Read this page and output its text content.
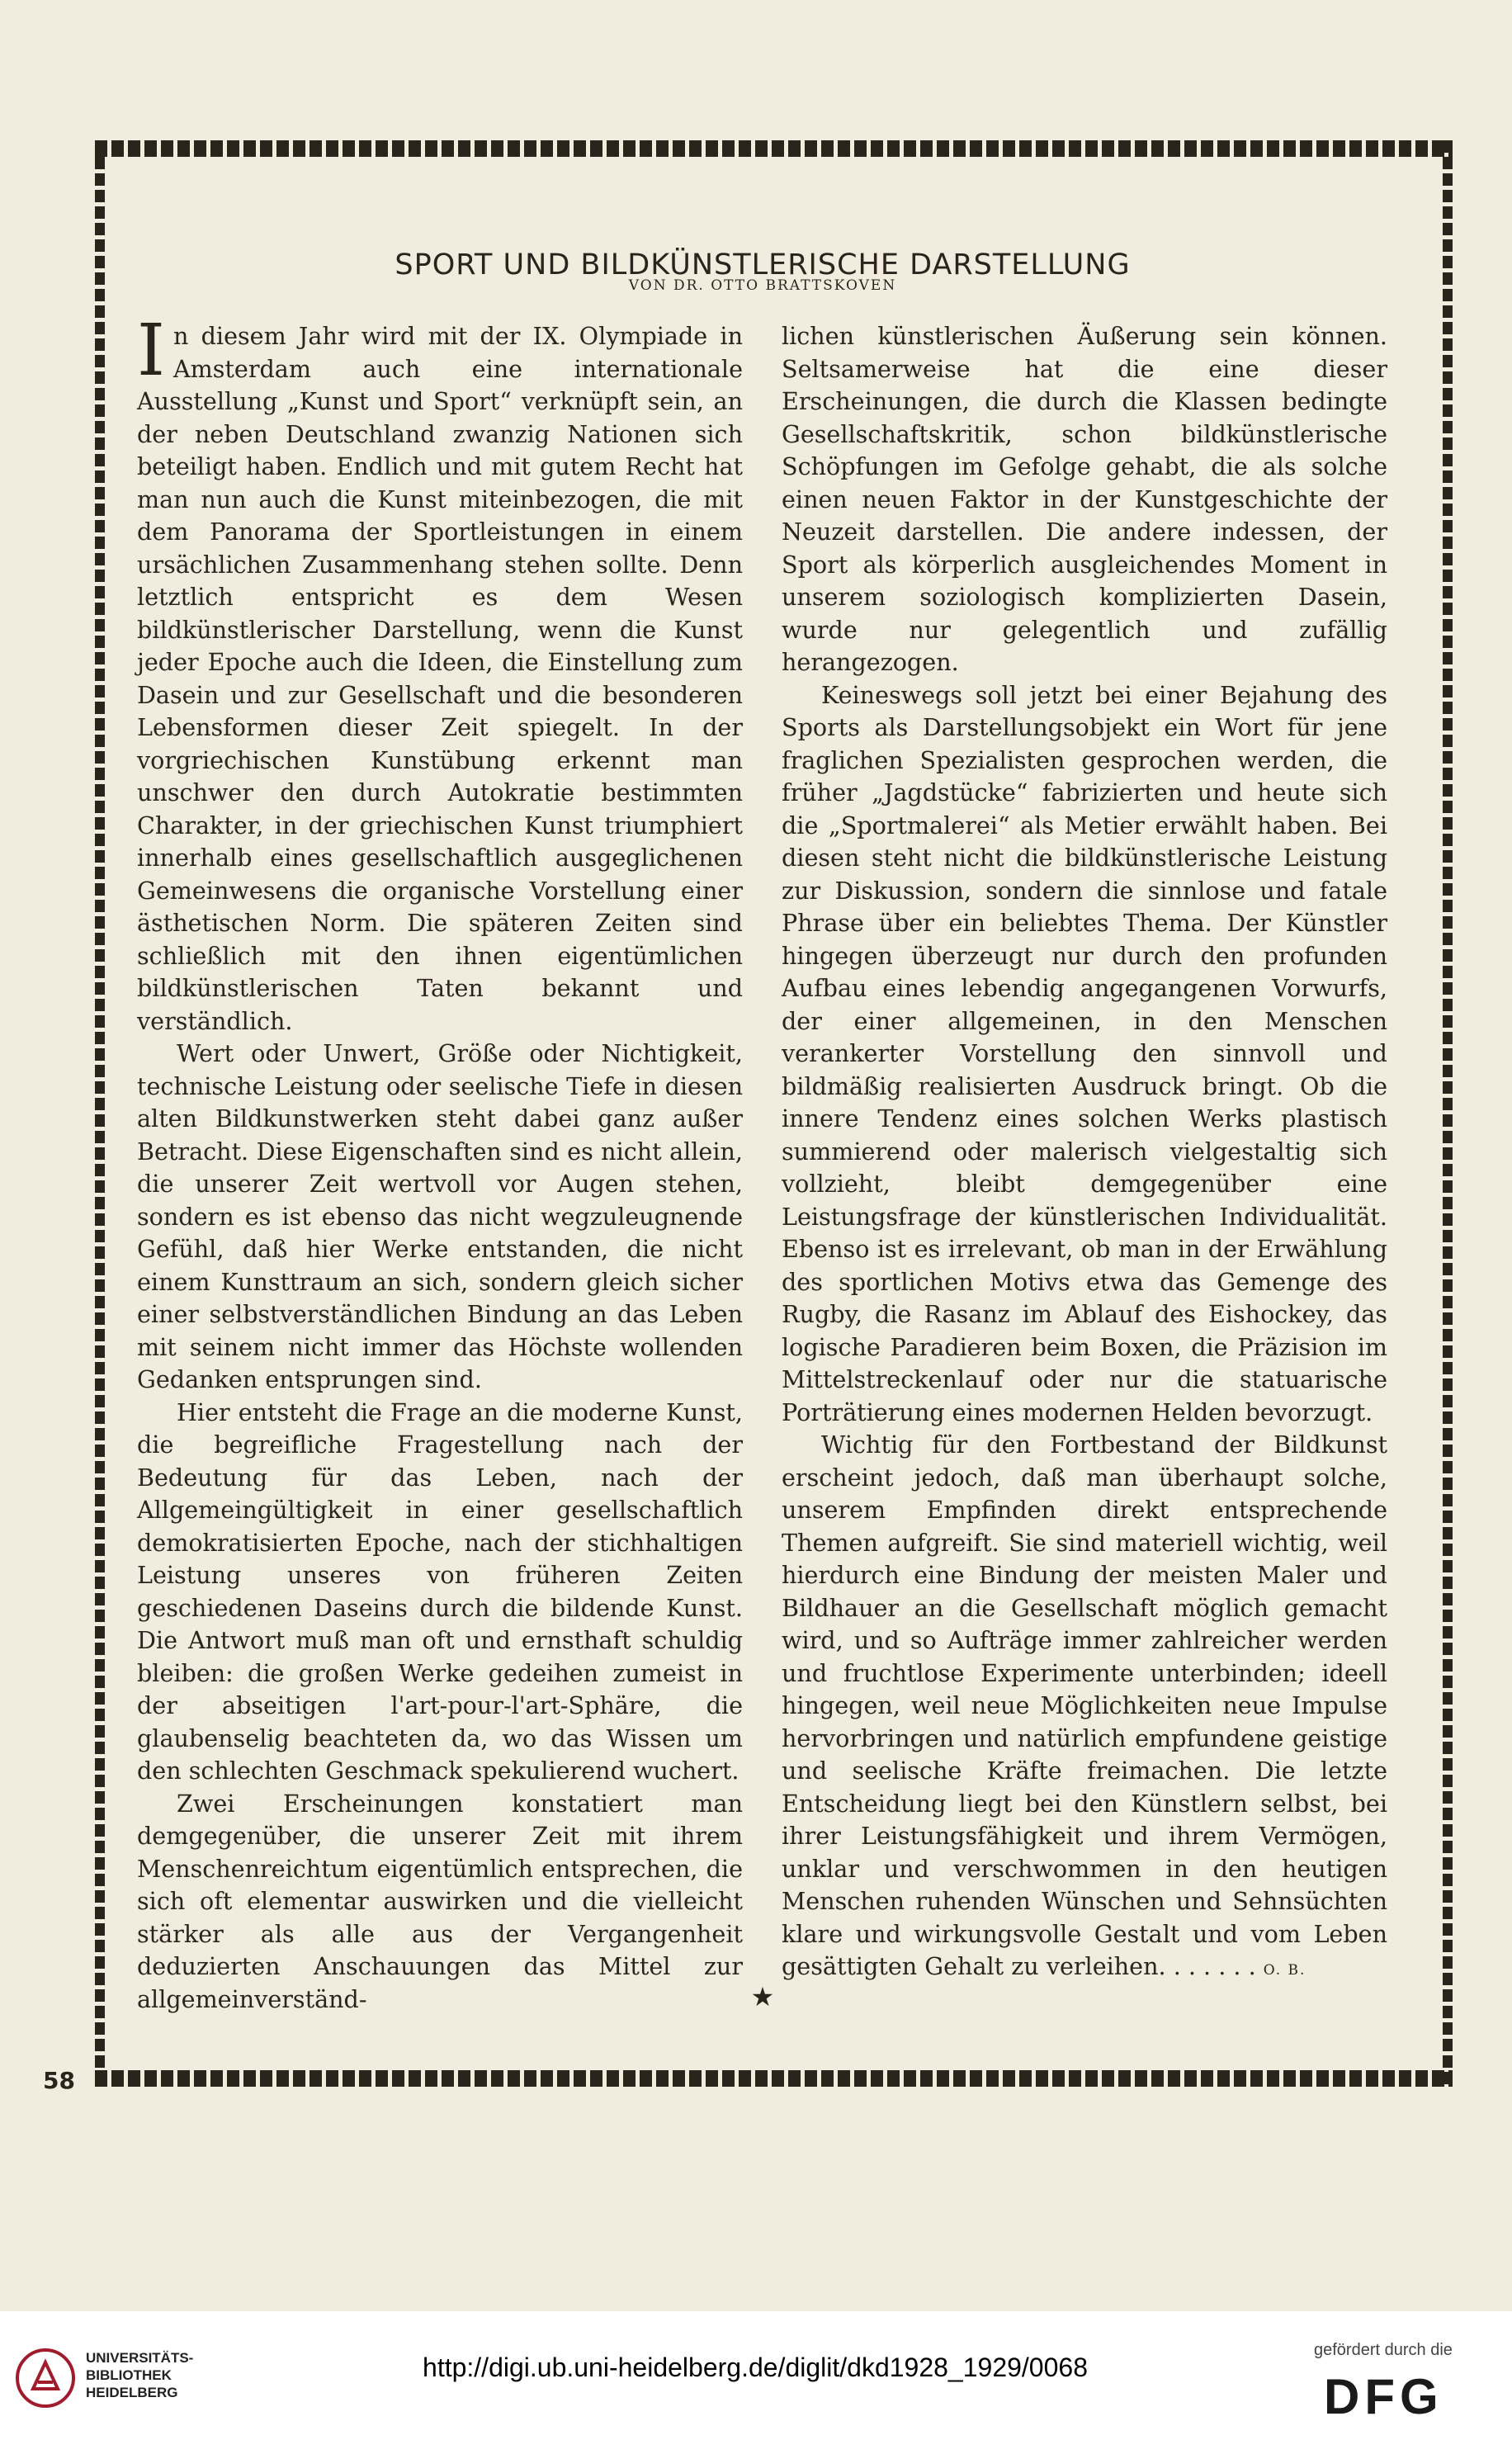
58
SPORT UND BILDKÜNSTLERISCHE DARSTELLUNG
VON DR. OTTO BRATTSKOVEN

In diesem Jahr wird mit der IX. Olympiade in Amsterdam auch eine internationale Ausstellung „Kunst und Sport“ verknüpft sein, an der neben Deutschland zwanzig Nationen sich beteiligt haben. Endlich und mit gutem Recht hat man nun auch die Kunst miteinbezogen, die mit dem Panorama der Sportleistungen in einem ursächlichen Zusammenhang stehen sollte. Denn letztlich entspricht es dem Wesen bildkünstlerischer Darstellung, wenn die Kunst jeder Epoche auch die Ideen, die Einstellung zum Dasein und zur Gesellschaft und die besonderen Lebensformen dieser Zeit spiegelt. In der vorgriechischen Kunstübung erkennt man unschwer den durch Autokratie bestimmten Charakter, in der griechischen Kunst triumphiert innerhalb eines gesellschaftlich ausgeglichenen Gemeinwesens die organische Vorstellung einer ästhetischen Norm. Die späteren Zeiten sind schließlich mit den ihnen eigentümlichen bildkünstlerischen Taten bekannt und verständlich.

Wert oder Unwert, Größe oder Nichtigkeit, technische Leistung oder seelische Tiefe in diesen alten Bildkunstwerken steht dabei ganz außer Betracht. Diese Eigenschaften sind es nicht allein, die unserer Zeit wertvoll vor Augen stehen, sondern es ist ebenso das nicht wegzuleugnende Gefühl, daß hier Werke entstanden, die nicht einem Kunsttraum an sich, sondern gleich sicher einer selbstverständlichen Bindung an das Leben mit seinem nicht immer das Höchste wollenden Gedanken entsprungen sind.

Hier entsteht die Frage an die moderne Kunst, die begreifliche Fragestellung nach der Bedeutung für das Leben, nach der Allgemeingültigkeit in einer gesellschaftlich demokratisierten Epoche, nach der stichhaltigen Leistung unseres von früheren Zeiten geschiedenen Daseins durch die bildende Kunst. Die Antwort muß man oft und ernsthaft schuldig bleiben: die großen Werke gedeihen zumeist in der abseitigen l'art-pour-l'art-Sphäre, die glaubenselig beachteten da, wo das Wissen um den schlechten Geschmack spekulierend wuchert.

Zwei Erscheinungen konstatiert man demgegenüber, die unserer Zeit mit ihrem Menschenreichtum eigentümlich entsprechen, die sich oft elementar auswirken und die vielleicht stärker als alle aus der Vergangenheit deduzierten Anschauungen das Mittel zur allgemeinverständ-

lichen künstlerischen Äußerung sein können. Seltsamerweise hat die eine dieser Erscheinungen, die durch die Klassen bedingte Gesellschaftskritik, schon bildkünstlerische Schöpfungen im Gefolge gehabt, die als solche einen neuen Faktor in der Kunstgeschichte der Neuzeit darstellen. Die andere indessen, der Sport als körperlich ausgleichendes Moment in unserem soziologisch komplizierten Dasein, wurde nur gelegentlich und zufällig herangezogen.

Keineswegs soll jetzt bei einer Bejahung des Sports als Darstellungsobjekt ein Wort für jene fraglichen Spezialisten gesprochen werden, die früher „Jagdstücke“ fabrizierten und heute sich die „Sportmalerei“ als Metier erwählt haben. Bei diesen steht nicht die bildkünstlerische Leistung zur Diskussion, sondern die sinnlose und fatale Phrase über ein beliebtes Thema. Der Künstler hingegen überzeugt nur durch den profunden Aufbau eines lebendig angegangenen Vorwurfs, der einer allgemeinen, in den Menschen verankerter Vorstellung den sinnvoll und bildmäßig realisierten Ausdruck bringt. Ob die innere Tendenz eines solchen Werks plastisch summierend oder malerisch vielgestaltig sich vollzieht, bleibt demgegenüber eine Leistungsfrage der künstlerischen Individualität. Ebenso ist es irrelevant, ob man in der Erwählung des sportlichen Motivs etwa das Gemenge des Rugby, die Rasanz im Ablauf des Eishockey, das logische Paradieren beim Boxen, die Präzision im Mittelstreckenlauf oder nur die statuarische Porträtierung eines modernen Helden bevorzugt.

Wichtig für den Fortbestand der Bildkunst erscheint jedoch, daß man überhaupt solche, unserem Empfinden direkt entsprechende Themen aufgreift. Sie sind materiell wichtig, weil hierdurch eine Bindung der meisten Maler und Bildhauer an die Gesellschaft möglich gemacht wird, und so Aufträge immer zahlreicher werden und fruchtlose Experimente unterbinden; ideell hingegen, weil neue Möglichkeiten neue Impulse hervorbringen und natürlich empfundene geistige und seelische Kräfte freimachen. Die letzte Entscheidung liegt bei den Künstlern selbst, bei ihrer Leistungsfähigkeit und ihrem Vermögen, unklar und verschwommen in den heutigen Menschen ruhenden Wünschen und Sehnsüchten klare und wirkungsvolle Gestalt und vom Leben gesättigten Gehalt zu verleihen. . . . . . . O. B.

★
UNIVERSITÄTS-
BIBLIOTHEK
HEIDELBERG
http://digi.ub.uni-heidelberg.de/diglit/dkd1928_1929/0068
gefördert durch die
DFG
